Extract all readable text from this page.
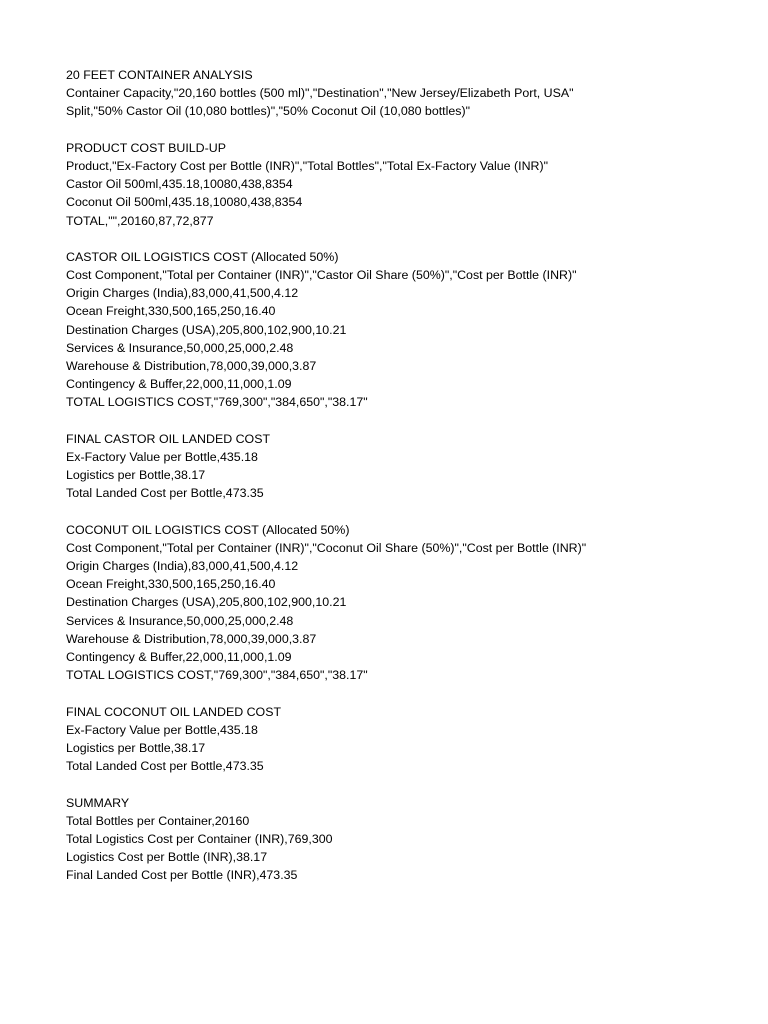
20 FEET CONTAINER ANALYSIS
Container Capacity,"20,160 bottles (500 ml)","Destination","New Jersey/Elizabeth Port, USA"
Split,"50% Castor Oil (10,080 bottles)","50% Coconut Oil (10,080 bottles)"
PRODUCT COST BUILD-UP
Product,"Ex-Factory Cost per Bottle (INR)","Total Bottles","Total Ex-Factory Value (INR)"
Castor Oil 500ml,435.18,10080,438,8354
Coconut Oil 500ml,435.18,10080,438,8354
TOTAL,"",20160,87,72,877
CASTOR OIL LOGISTICS COST (Allocated 50%)
Cost Component,"Total per Container (INR)","Castor Oil Share (50%)","Cost per Bottle (INR)"
Origin Charges (India),83,000,41,500,4.12
Ocean Freight,330,500,165,250,16.40
Destination Charges (USA),205,800,102,900,10.21
Services & Insurance,50,000,25,000,2.48
Warehouse & Distribution,78,000,39,000,3.87
Contingency & Buffer,22,000,11,000,1.09
TOTAL LOGISTICS COST,"769,300","384,650","38.17"
FINAL CASTOR OIL LANDED COST
Ex-Factory Value per Bottle,435.18
Logistics per Bottle,38.17
Total Landed Cost per Bottle,473.35
COCONUT OIL LOGISTICS COST (Allocated 50%)
Cost Component,"Total per Container (INR)","Coconut Oil Share (50%)","Cost per Bottle (INR)"
Origin Charges (India),83,000,41,500,4.12
Ocean Freight,330,500,165,250,16.40
Destination Charges (USA),205,800,102,900,10.21
Services & Insurance,50,000,25,000,2.48
Warehouse & Distribution,78,000,39,000,3.87
Contingency & Buffer,22,000,11,000,1.09
TOTAL LOGISTICS COST,"769,300","384,650","38.17"
FINAL COCONUT OIL LANDED COST
Ex-Factory Value per Bottle,435.18
Logistics per Bottle,38.17
Total Landed Cost per Bottle,473.35
SUMMARY
Total Bottles per Container,20160
Total Logistics Cost per Container (INR),769,300
Logistics Cost per Bottle (INR),38.17
Final Landed Cost per Bottle (INR),473.35
